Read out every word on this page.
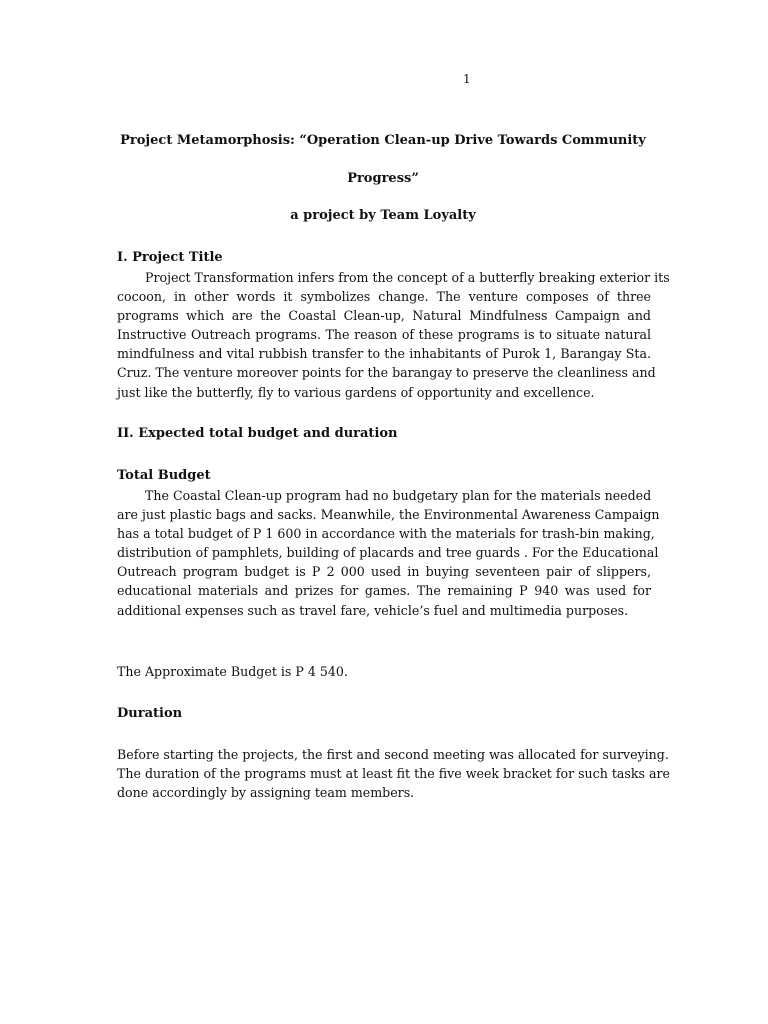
1
Project Metamorphosis: “Operation Clean-up Drive Towards Community
Progress”
a project by Team Loyalty
I. Project Title
Project Transformation infers from the concept of a butterfly breaking exterior its
cocoon, in other words it symbolizes change. The venture composes of three
programs which are the Coastal Clean-up, Natural Mindfulness Campaign and
Instructive Outreach programs. The reason of these programs is to situate natural
mindfulness and vital rubbish transfer to the inhabitants of Purok 1, Barangay Sta.
Cruz. The venture moreover points for the barangay to preserve the cleanliness and
just like the butterfly, fly to various gardens of opportunity and excellence.
II. Expected total budget and duration
Total Budget
The Coastal Clean-up program had no budgetary plan for the materials needed
are just plastic bags and sacks. Meanwhile, the Environmental Awareness Campaign
has a total budget of P 1 600 in accordance with the materials for trash-bin making,
distribution of pamphlets, building of placards and tree guards . For the Educational
Outreach program budget is P 2 000 used in buying seventeen pair of slippers,
educational materials and prizes for games. The remaining P 940 was used for
additional expenses such as travel fare, vehicle’s fuel and multimedia purposes.
The Approximate Budget is P 4 540.
Duration
Before starting the projects, the first and second meeting was allocated for surveying.
The duration of the programs must at least fit the five week bracket for such tasks are
done accordingly by assigning team members.
